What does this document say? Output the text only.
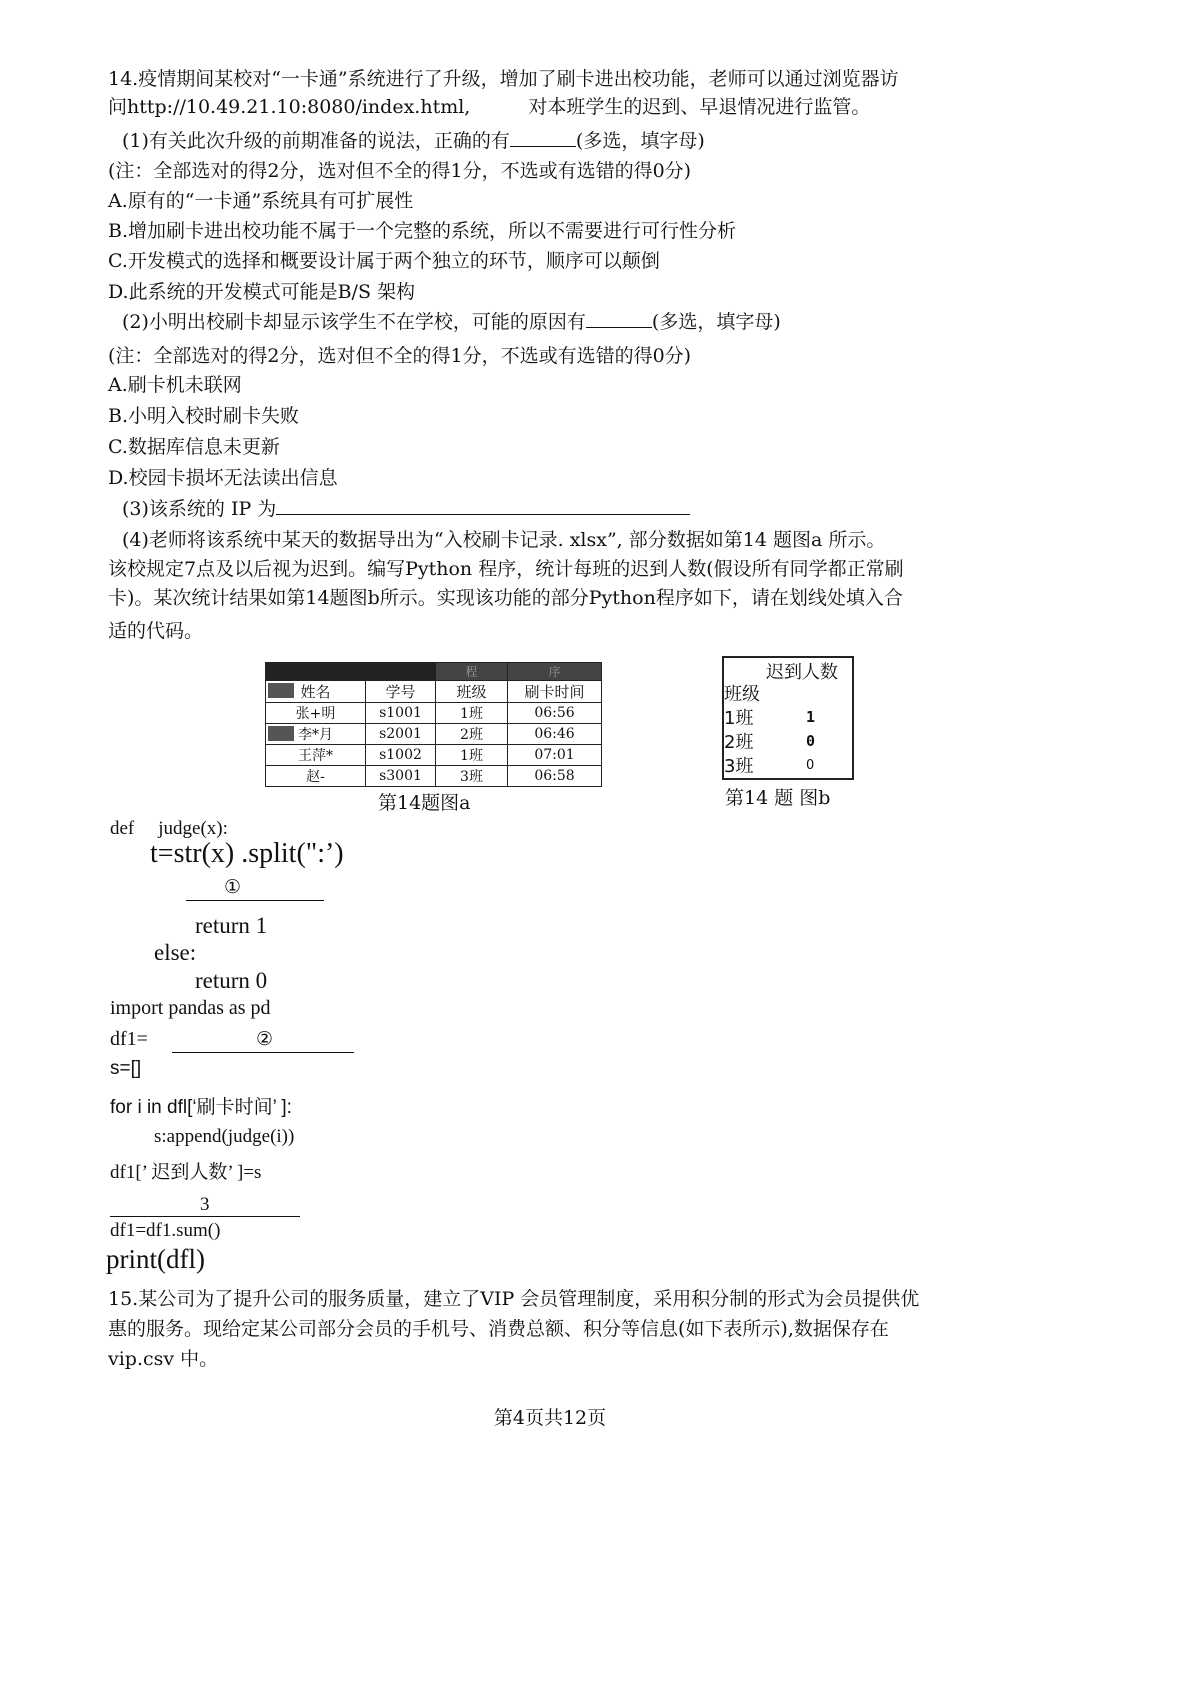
14.疫情期间某校对“一卡通”系统进行了升级，增加了刷卡进出校功能，老师可以通过浏览器访
问http://10.49.21.10:8080/index.html,	对本班学生的迟到、早退情况进行监管。
(1)有关此次升级的前期准备的说法，正确的有	(多选，填字母)
(注：全部选对的得2分，选对但不全的得1分，不选或有选错的得0分)
A.原有的“一卡通”系统具有可扩展性
B.增加刷卡进出校功能不属于一个完整的系统，所以不需要进行可行性分析
C.开发模式的选择和概要设计属于两个独立的环节，顺序可以颠倒
D.此系统的开发模式可能是B/S 架构
(2)小明出校刷卡却显示该学生不在学校，可能的原因有	(多选，填字母)
(注：全部选对的得2分，选对但不全的得1分，不选或有选错的得0分)
A.刷卡机未联网
B.小明入校时刷卡失败
C.数据库信息未更新
D.校园卡损坏无法读出信息
(3)该系统的 IP 为
(4)老师将该系统中某天的数据导出为“入校刷卡记录. xlsx”, 部分数据如第14 题图a 所示。
该校规定7点及以后视为迟到。编写Python 程序，统计每班的迟到人数(假设所有同学都正常刷
卡)。某次统计结果如第14题图b所示。实现该功能的部分Python程序如下，请在划线处填入合
适的代码。
		程	序

姓名	学号	班级	刷卡时间
张+明	s1001	1班	06:56

李*月	s2001	2班	06:46
王萍*	s1002	1班	07:01
赵-	s3001	3班	06:58
第14题图a
迟到人数
班级
1班	1
2班	0
3班	0
第14 题 图b
def judge(x):
t=str(x) .split(":’)
①
return 1
else:
return 0
import pandas as pd
df1=	②
s=[]
for i in dfl[‘刷卡时间’ ]:
s:append(judge(i))
df1[’ 迟到人数’ ]=s
3
df1=df1.sum()
print(dfl)
15.某公司为了提升公司的服务质量，建立了VIP 会员管理制度，采用积分制的形式为会员提供优
惠的服务。现给定某公司部分会员的手机号、消费总额、积分等信息(如下表所示),数据保存在
vip.csv 中。
第4页共12页
